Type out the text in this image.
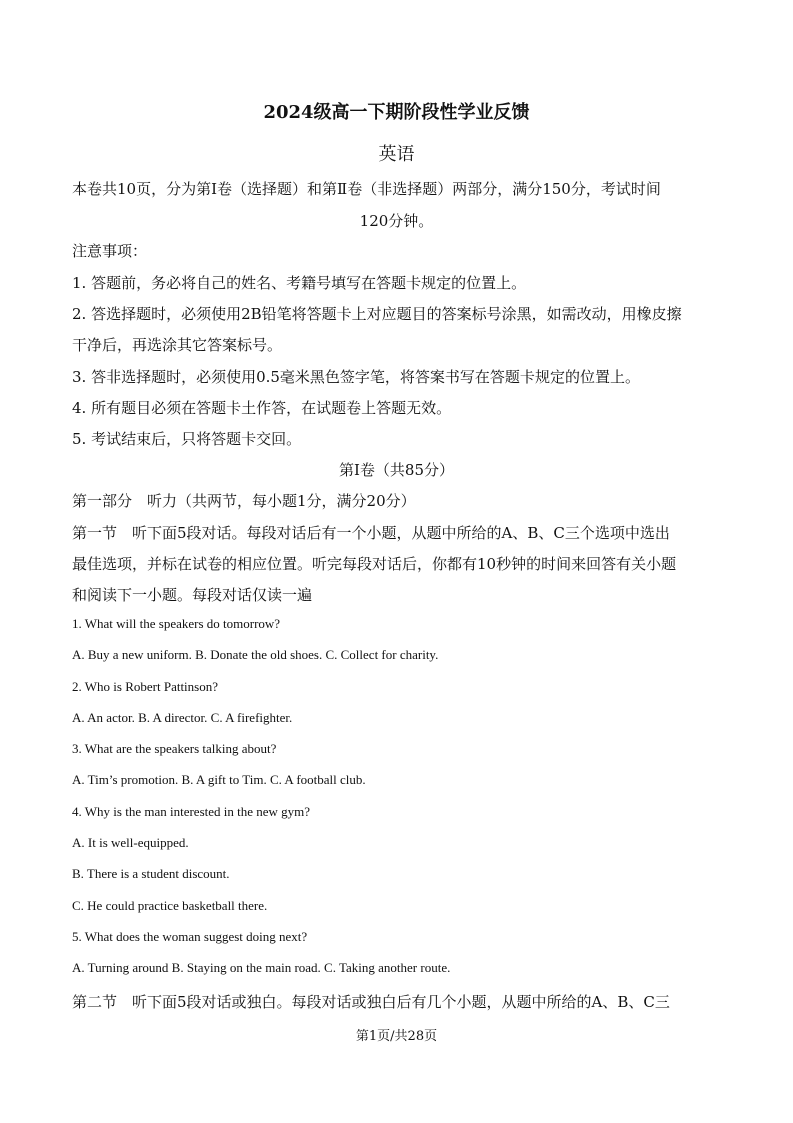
2024级高一下期阶段性学业反馈
英语
本卷共10页，分为第Ⅰ卷（选择题）和第Ⅱ卷（非选择题）两部分，满分150分，考试时间
120分钟。
注意事项：
1. 答题前，务必将自己的姓名、考籍号填写在答题卡规定的位置上。
2. 答选择题时，必须使用2B铅笔将答题卡上对应题目的答案标号涂黑，如需改动，用橡皮擦
干净后，再选涂其它答案标号。
3. 答非选择题时，必须使用0.5毫米黑色签字笔，将答案书写在答题卡规定的位置上。
4. 所有题目必须在答题卡土作答，在试题卷上答题无效。
5. 考试结束后，只将答题卡交回。
第Ⅰ卷（共85分）
第一部分　听力（共两节，每小题1分，满分20分）
第一节　听下面5段对话。每段对话后有一个小题，从题中所给的A、B、C三个选项中选出
最佳选项，并标在试卷的相应位置。听完每段对话后，你都有10秒钟的时间来回答有关小题
和阅读下一小题。每段对话仅读一遍
1. What will the speakers do tomorrow?
A. Buy a new uniform. B. Donate the old shoes. C. Collect for charity.
2. Who is Robert Pattinson?
A. An actor. B. A director. C. A firefighter.
3. What are the speakers talking about?
A. Tim’s promotion. B. A gift to Tim. C. A football club.
4. Why is the man interested in the new gym?
A. It is well-equipped.
B. There is a student discount.
C. He could practice basketball there.
5. What does the woman suggest doing next?
A. Turning around B. Staying on the main road. C. Taking another route.
第二节　听下面5段对话或独白。每段对话或独白后有几个小题，从题中所给的A、B、C三
第1页/共28页
